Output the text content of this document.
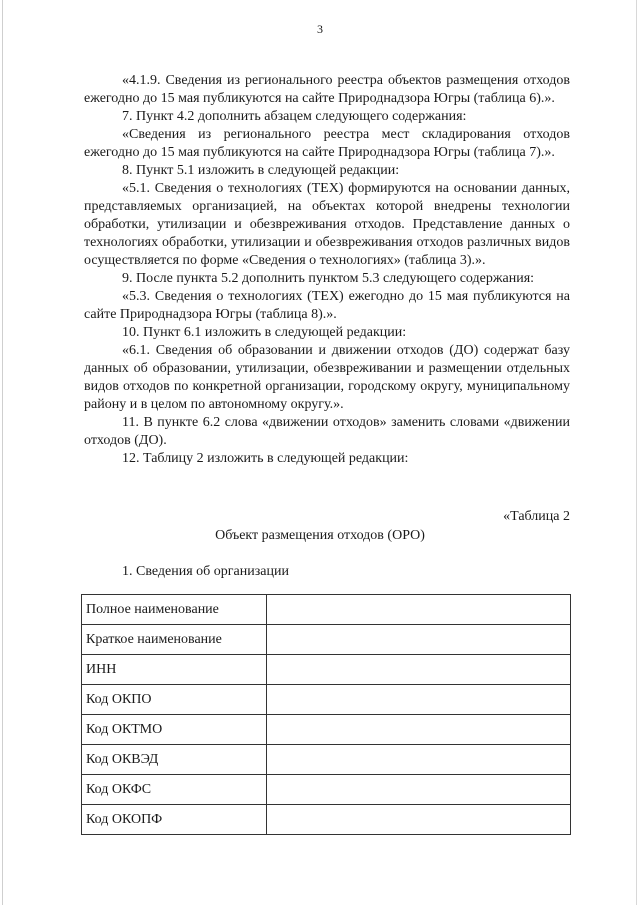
3

«4.1.9. Сведения из регионального реестра объектов размещения отходов ежегодно до 15 мая публикуются на сайте Природнадзора Югры (таблица 6).».

7. Пункт 4.2 дополнить абзацем следующего содержания:

«Сведения из регионального реестра мест складирования отходов ежегодно до 15 мая публикуются на сайте Природнадзора Югры (таблица 7).».

8. Пункт 5.1 изложить в следующей редакции:

«5.1. Сведения о технологиях (ТЕХ) формируются на основании данных, представляемых организацией, на объектах которой внедрены технологии обработки, утилизации и обезвреживания отходов. Представление данных о технологиях обработки, утилизации и обезвреживания отходов различных видов осуществляется по форме «Сведения о технологиях» (таблица 3).».

9. После пункта 5.2 дополнить пунктом 5.3 следующего содержания:

«5.3. Сведения о технологиях (ТЕХ) ежегодно до 15 мая публикуются на сайте Природнадзора Югры (таблица 8).».

10. Пункт 6.1 изложить в следующей редакции:

«6.1. Сведения об образовании и движении отходов (ДО) содержат базу данных об образовании, утилизации, обезвреживании и размещении отдельных видов отходов по конкретной организации, городскому округу, муниципальному району и в целом по автономному округу.».

11. В пункте 6.2 слова «движении отходов» заменить словами «движении отходов (ДО).

12. Таблицу 2 изложить в следующей редакции:

«Таблица 2
Объект размещения отходов (ОРО)
1. Сведения об организации
Полное наименование	
Краткое наименование	
ИНН	
Код ОКПО	
Код ОКТМО	
Код ОКВЭД	
Код ОКФС	
Код ОКОПФ	
